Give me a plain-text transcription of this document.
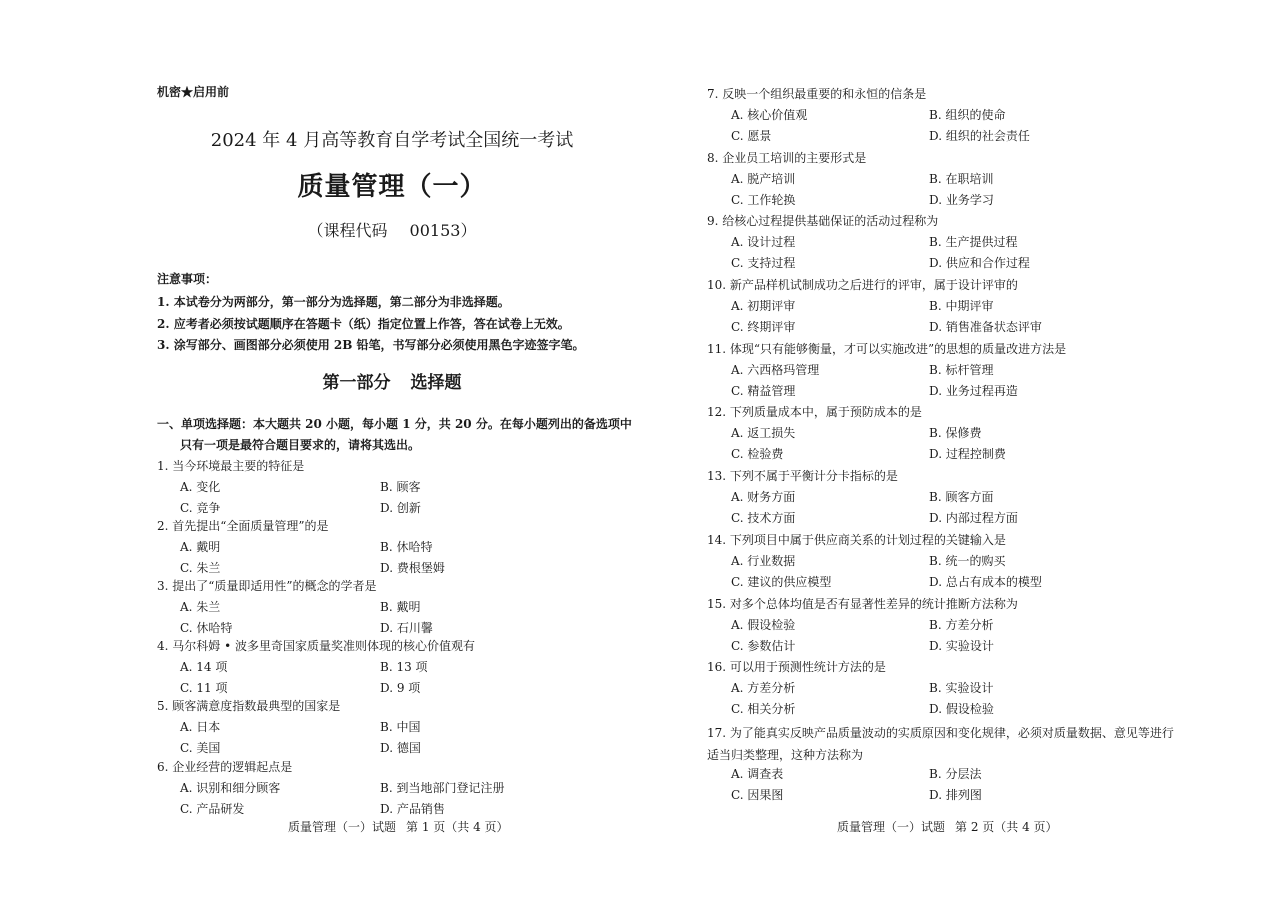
机密★启用前
2024 年 4 月高等教育自学考试全国统一考试
质量管理（一）
（课程代码 00153）
注意事项：
1. 本试卷分为两部分，第一部分为选择题，第二部分为非选择题。
2. 应考者必须按试题顺序在答题卡（纸）指定位置上作答，答在试卷上无效。
3. 涂写部分、画图部分必须使用 2B 铅笔，书写部分必须使用黑色字迹签字笔。
第一部分 选择题
一、单项选择题：本大题共 20 小题，每小题 1 分，共 20 分。在每小题列出的备选项中
只有一项是最符合题目要求的，请将其选出。
1. 当今环境最主要的特征是
A. 变化	B. 顾客
C. 竞争	D. 创新
2. 首先提出“全面质量管理”的是
A. 戴明	B. 休哈特
C. 朱兰	D. 费根堡姆
3. 提出了“质量即适用性”的概念的学者是
A. 朱兰	B. 戴明
C. 休哈特	D. 石川馨
4. 马尔科姆 • 波多里奇国家质量奖准则体现的核心价值观有
A. 14 项	B. 13 项
C. 11 项	D. 9 项
5. 顾客满意度指数最典型的国家是
A. 日本	B. 中国
C. 美国	D. 德国
6. 企业经营的逻辑起点是
A. 识别和细分顾客	B. 到当地部门登记注册
C. 产品研发	D. 产品销售
质量管理（一）试题 第 1 页（共 4 页）
7. 反映一个组织最重要的和永恒的信条是
A. 核心价值观	B. 组织的使命
C. 愿景	D. 组织的社会责任
8. 企业员工培训的主要形式是
A. 脱产培训	B. 在职培训
C. 工作轮换	D. 业务学习
9. 给核心过程提供基础保证的活动过程称为
A. 设计过程	B. 生产提供过程
C. 支持过程	D. 供应和合作过程
10. 新产品样机试制成功之后进行的评审，属于设计评审的
A. 初期评审	B. 中期评审
C. 终期评审	D. 销售准备状态评审
11. 体现“只有能够衡量，才可以实施改进”的思想的质量改进方法是
A. 六西格玛管理	B. 标杆管理
C. 精益管理	D. 业务过程再造
12. 下列质量成本中，属于预防成本的是
A. 返工损失	B. 保修费
C. 检验费	D. 过程控制费
13. 下列不属于平衡计分卡指标的是
A. 财务方面	B. 顾客方面
C. 技术方面	D. 内部过程方面
14. 下列项目中属于供应商关系的计划过程的关键输入是
A. 行业数据	B. 统一的购买
C. 建议的供应模型	D. 总占有成本的模型
15. 对多个总体均值是否有显著性差异的统计推断方法称为
A. 假设检验	B. 方差分析
C. 参数估计	D. 实验设计
16. 可以用于预测性统计方法的是
A. 方差分析	B. 实验设计
C. 相关分析	D. 假设检验
17. 为了能真实反映产品质量波动的实质原因和变化规律，必须对质量数据、意见等进行适当归类整理，这种方法称为
A. 调查表	B. 分层法
C. 因果图	D. 排列图
质量管理（一）试题 第 2 页（共 4 页）
